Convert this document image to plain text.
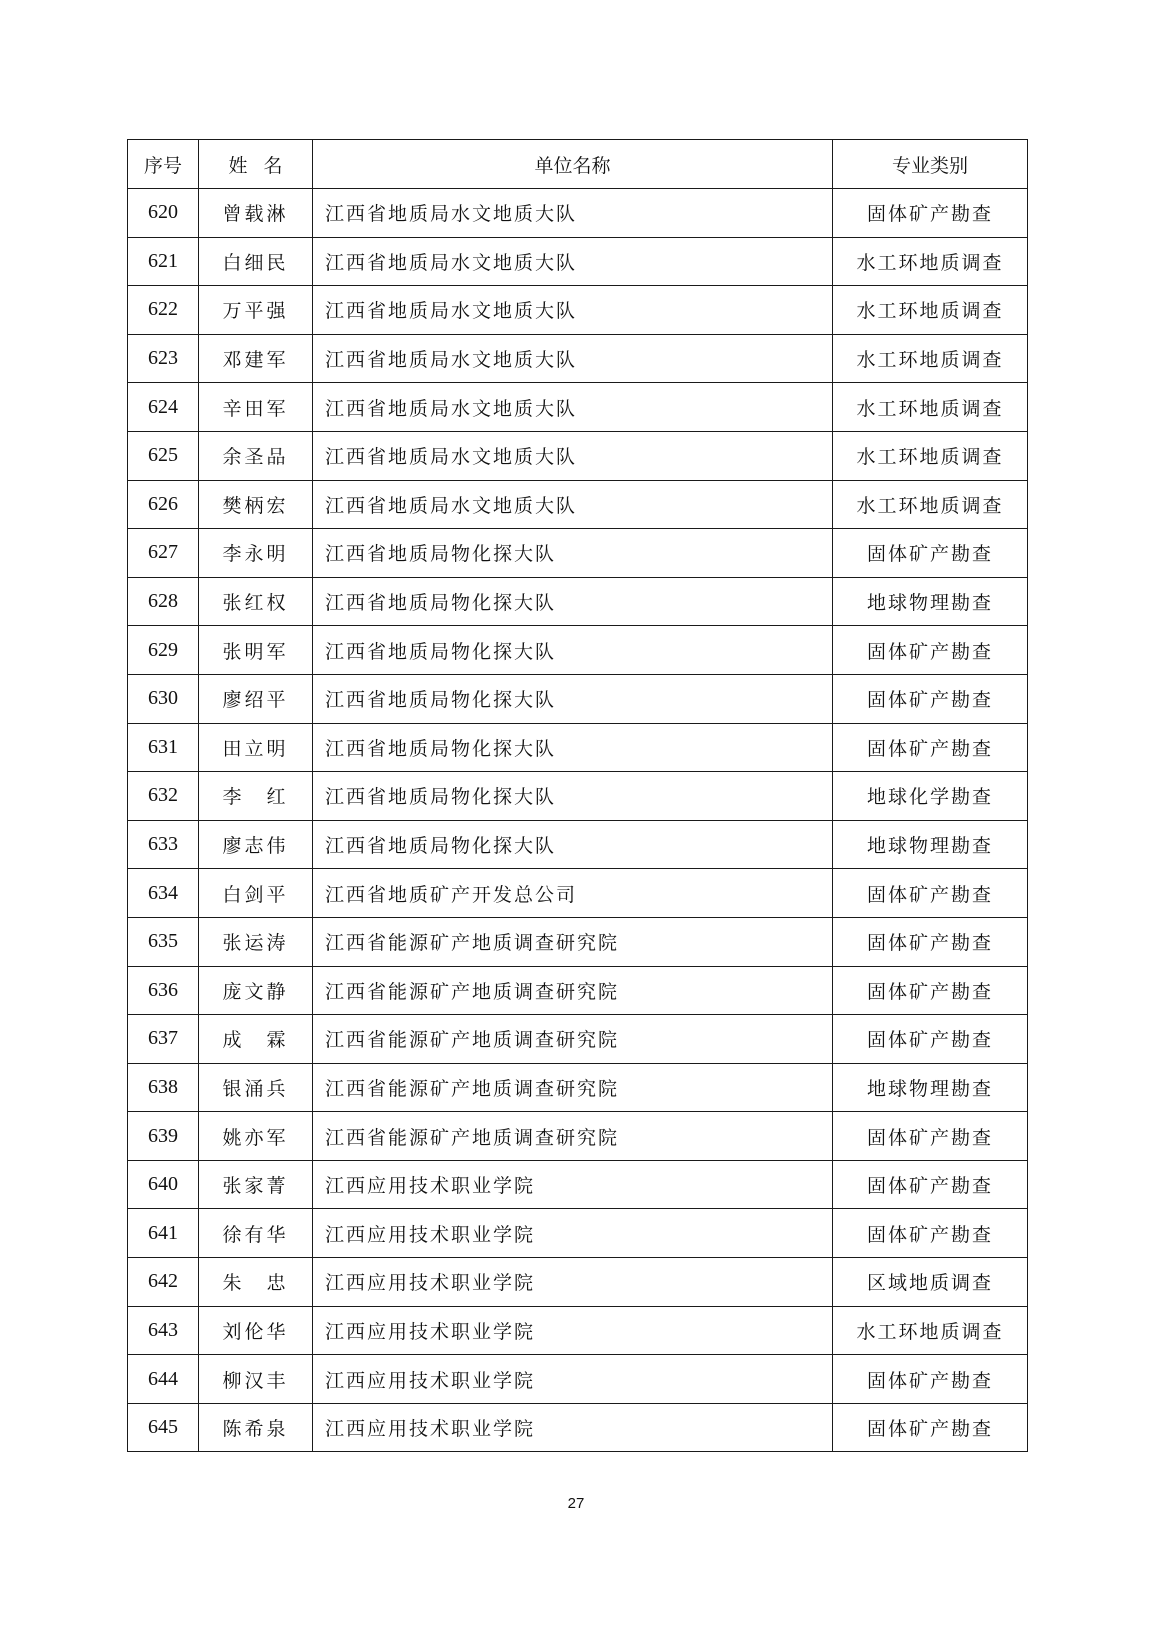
序号	姓名	单位名称	专业类别
620	曾载淋	江西省地质局水文地质大队	固体矿产勘查
621	白细民	江西省地质局水文地质大队	水工环地质调查
622	万平强	江西省地质局水文地质大队	水工环地质调查
623	邓建军	江西省地质局水文地质大队	水工环地质调查
624	辛田军	江西省地质局水文地质大队	水工环地质调查
625	余圣品	江西省地质局水文地质大队	水工环地质调查
626	樊柄宏	江西省地质局水文地质大队	水工环地质调查
627	李永明	江西省地质局物化探大队	固体矿产勘查
628	张红权	江西省地质局物化探大队	地球物理勘查
629	张明军	江西省地质局物化探大队	固体矿产勘查
630	廖绍平	江西省地质局物化探大队	固体矿产勘查
631	田立明	江西省地质局物化探大队	固体矿产勘查
632	李　红	江西省地质局物化探大队	地球化学勘查
633	廖志伟	江西省地质局物化探大队	地球物理勘查
634	白剑平	江西省地质矿产开发总公司	固体矿产勘查
635	张运涛	江西省能源矿产地质调查研究院	固体矿产勘查
636	庞文静	江西省能源矿产地质调查研究院	固体矿产勘查
637	成　霖	江西省能源矿产地质调查研究院	固体矿产勘查
638	银涌兵	江西省能源矿产地质调查研究院	地球物理勘查
639	姚亦军	江西省能源矿产地质调查研究院	固体矿产勘查
640	张家菁	江西应用技术职业学院	固体矿产勘查
641	徐有华	江西应用技术职业学院	固体矿产勘查
642	朱　忠	江西应用技术职业学院	区域地质调查
643	刘伦华	江西应用技术职业学院	水工环地质调查
644	柳汉丰	江西应用技术职业学院	固体矿产勘查
645	陈希泉	江西应用技术职业学院	固体矿产勘查
27
